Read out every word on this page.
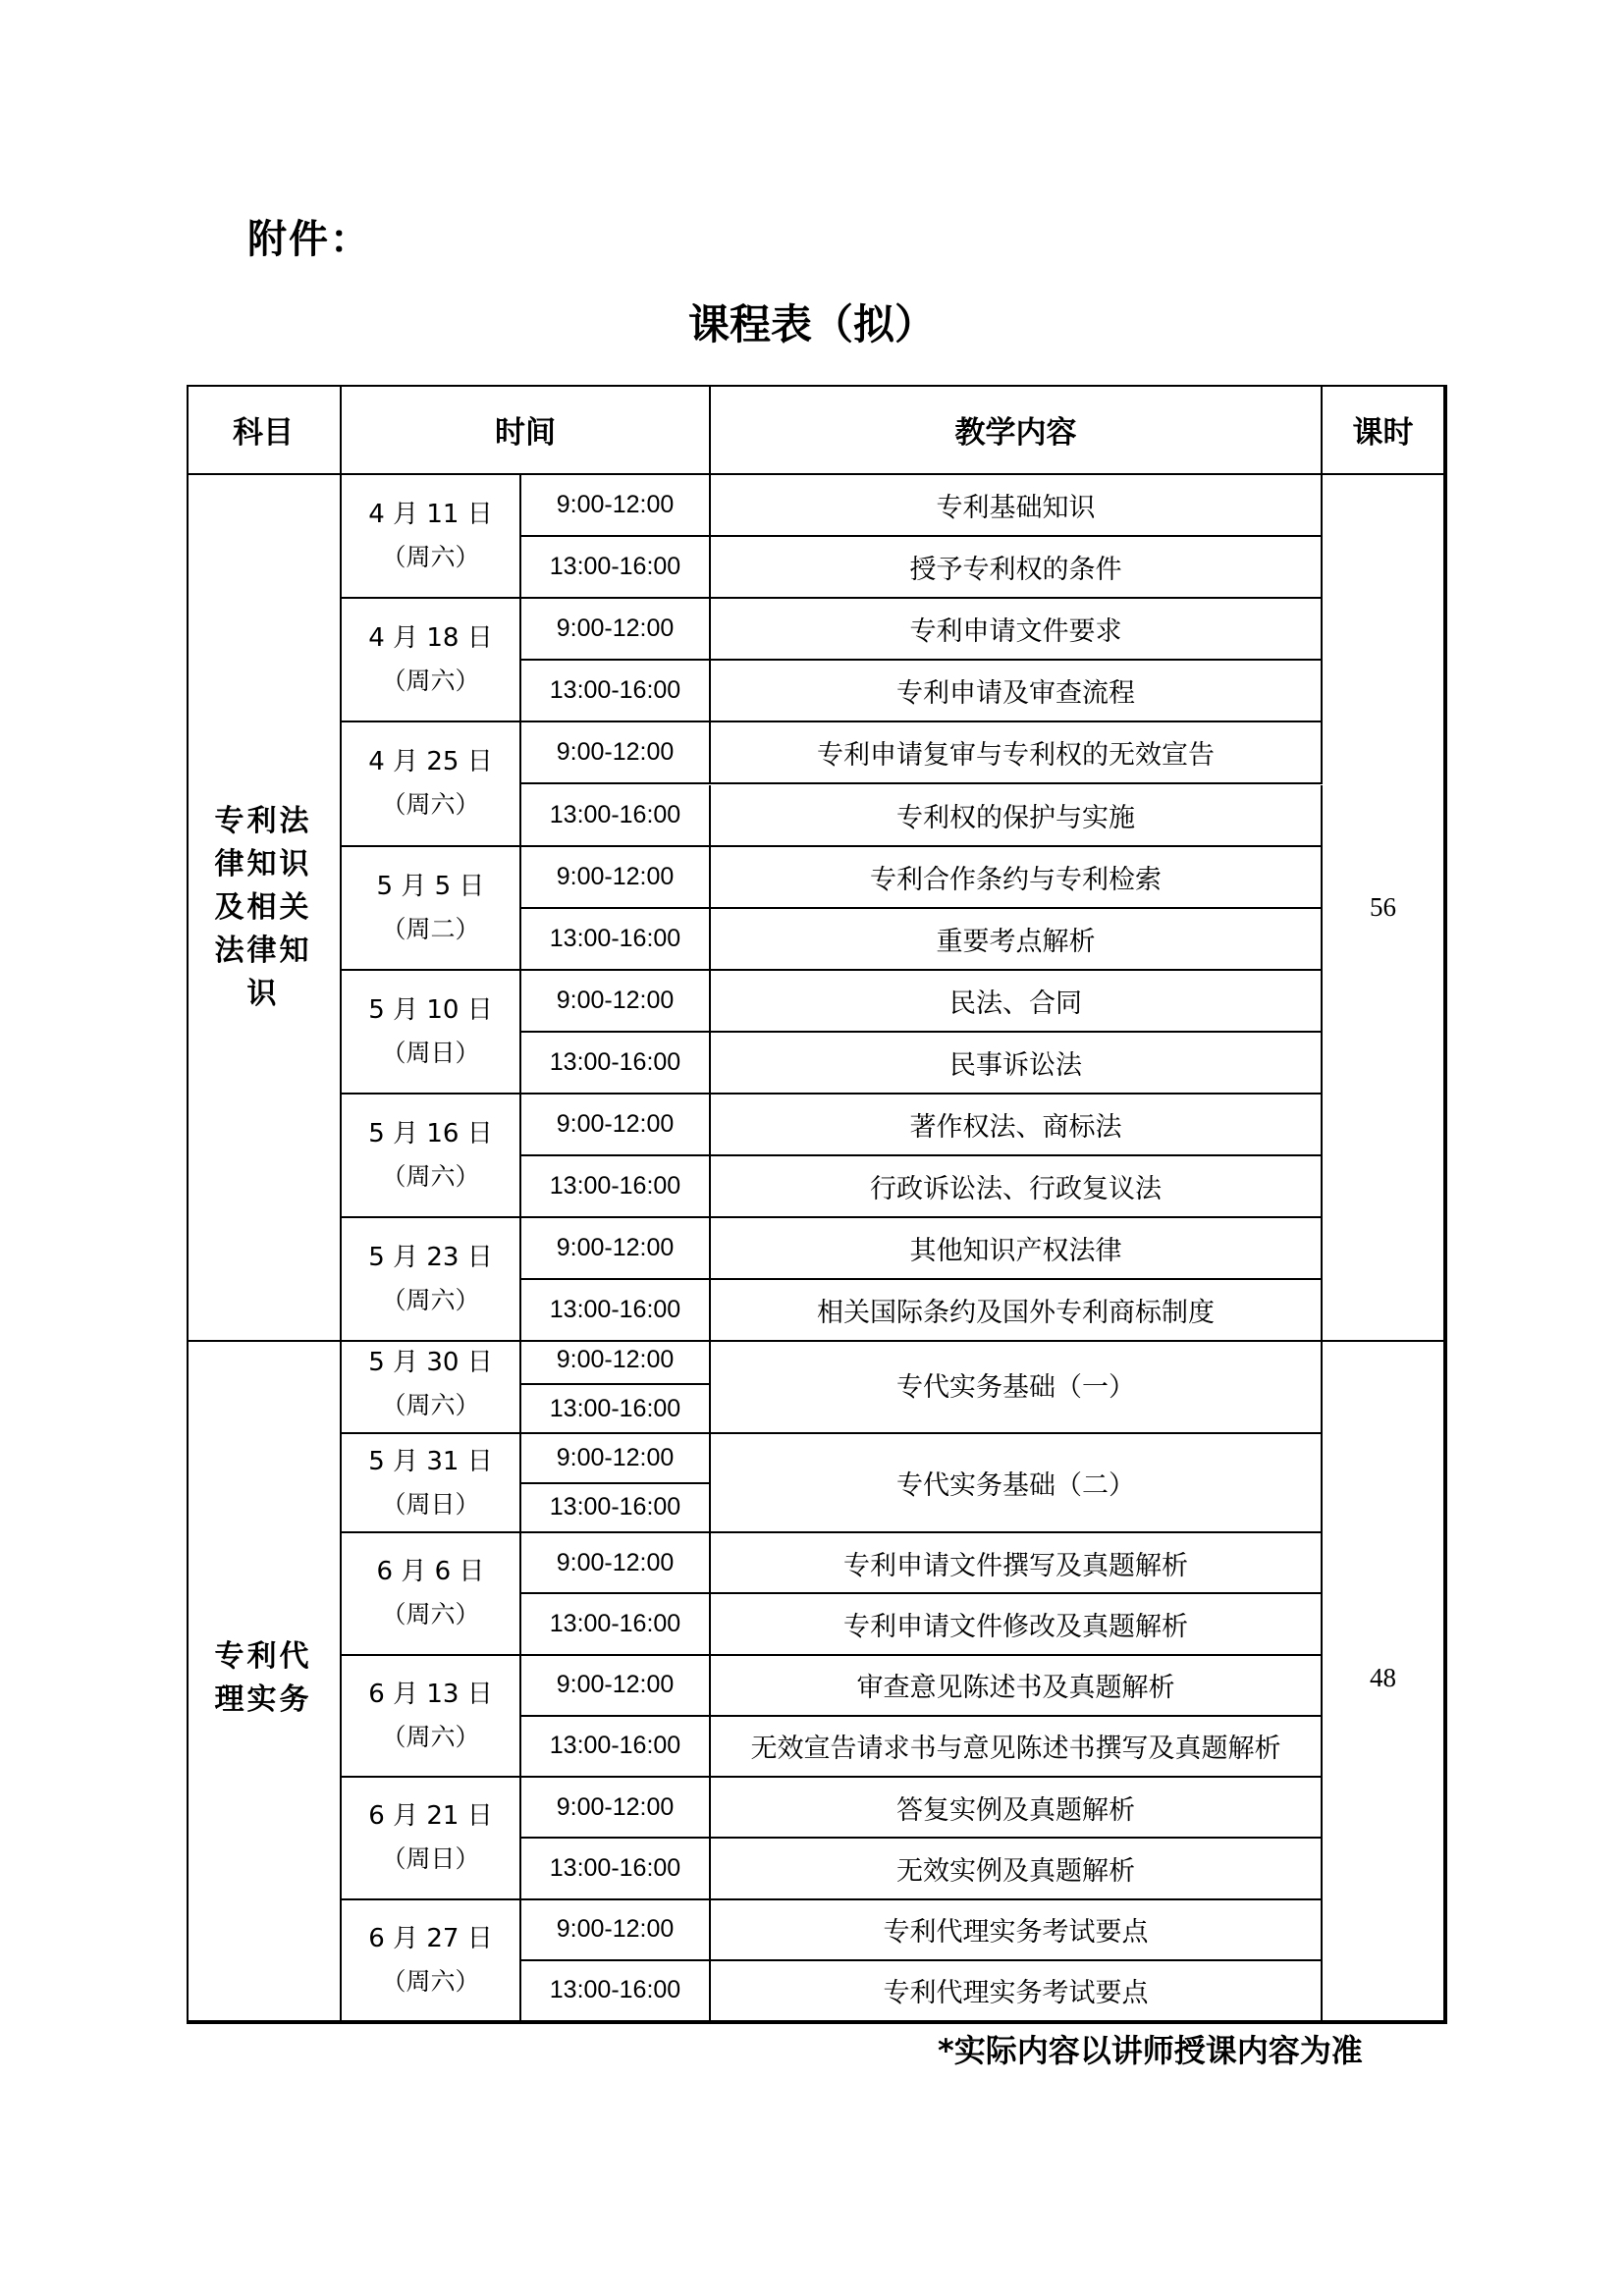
附件：
课程表（拟）
科目	时间	教学内容	课时
专利法律知识及相关法律知识
56
4 月 11 日
（周六）
9:00-12:00	专利基础知识
13:00-16:00	授予专利权的条件
4 月 18 日
（周六）
9:00-12:00	专利申请文件要求
13:00-16:00	专利申请及审查流程
4 月 25 日
（周六）
9:00-12:00	专利申请复审与专利权的无效宣告
13:00-16:00	专利权的保护与实施
5 月 5 日
（周二）
9:00-12:00	专利合作条约与专利检索
13:00-16:00	重要考点解析
5 月 10 日
（周日）
9:00-12:00	民法、合同
13:00-16:00	民事诉讼法
5 月 16 日
（周六）
9:00-12:00	著作权法、商标法
13:00-16:00	行政诉讼法、行政复议法
5 月 23 日
（周六）
9:00-12:00	其他知识产权法律
13:00-16:00	相关国际条约及国外专利商标制度
专利代理实务
48
5 月 30 日
（周六）
9:00-12:00
13:00-16:00
专代实务基础（一）
5 月 31 日
（周日）
9:00-12:00
13:00-16:00
专代实务基础（二）
6 月 6 日
（周六）
9:00-12:00	专利申请文件撰写及真题解析
13:00-16:00	专利申请文件修改及真题解析
6 月 13 日
（周六）
9:00-12:00	审查意见陈述书及真题解析
13:00-16:00	无效宣告请求书与意见陈述书撰写及真题解析
6 月 21 日
（周日）
9:00-12:00	答复实例及真题解析
13:00-16:00	无效实例及真题解析
6 月 27 日
（周六）
9:00-12:00	专利代理实务考试要点
13:00-16:00	专利代理实务考试要点
*实际内容以讲师授课内容为准
